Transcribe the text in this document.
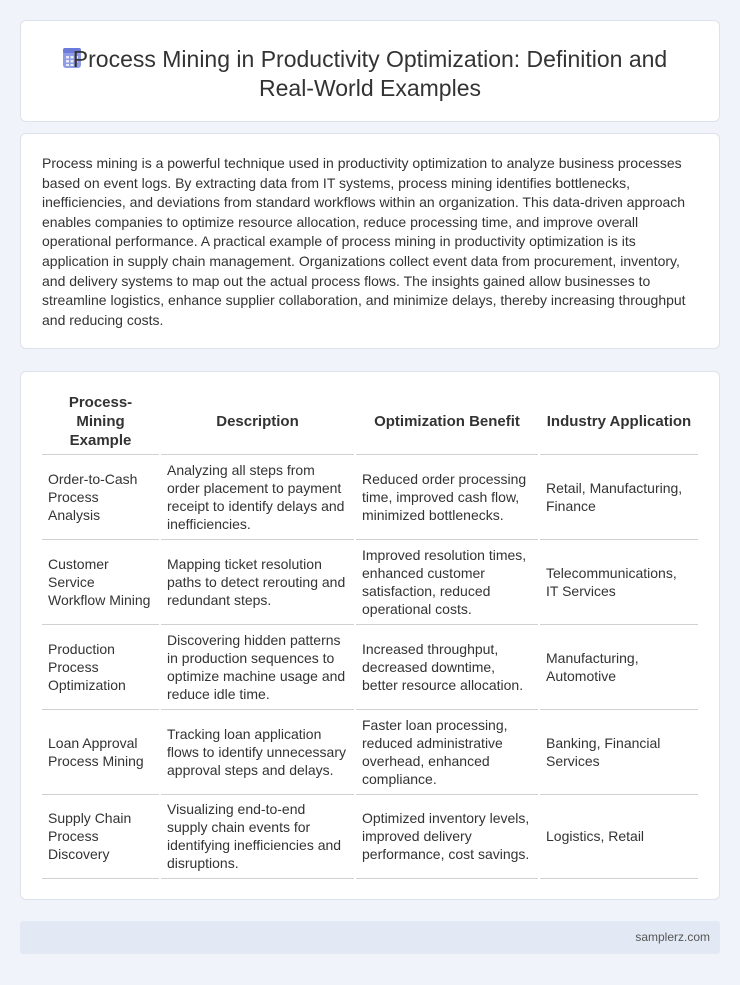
Process Mining in Productivity Optimization: Definition and Real-World Examples

Process mining is a powerful technique used in productivity optimization to analyze business processes based on event logs. By extracting data from IT systems, process mining identifies bottlenecks, inefficiencies, and deviations from standard workflows within an organization. This data-driven approach enables companies to optimize resource allocation, reduce processing time, and improve overall operational performance. A practical example of process mining in productivity optimization is its application in supply chain management. Organizations collect event data from procurement, inventory, and delivery systems to map out the actual process flows. The insights gained allow businesses to streamline logistics, enhance supplier collaboration, and minimize delays, thereby increasing throughput and reducing costs.

Process-Mining Example	Description	Optimization Benefit	Industry Application
Order-to-Cash Process Analysis	Analyzing all steps from order placement to payment receipt to identify delays and inefficiencies.	Reduced order processing time, improved cash flow, minimized bottlenecks.	Retail, Manufacturing, Finance
Customer Service Workflow Mining	Mapping ticket resolution paths to detect rerouting and redundant steps.	Improved resolution times, enhanced customer satisfaction, reduced operational costs.	Telecommunications, IT Services
Production Process Optimization	Discovering hidden patterns in production sequences to optimize machine usage and reduce idle time.	Increased throughput, decreased downtime, better resource allocation.	Manufacturing, Automotive
Loan Approval Process Mining	Tracking loan application flows to identify unnecessary approval steps and delays.	Faster loan processing, reduced administrative overhead, enhanced compliance.	Banking, Financial Services
Supply Chain Process Discovery	Visualizing end-to-end supply chain events for identifying inefficiencies and disruptions.	Optimized inventory levels, improved delivery performance, cost savings.	Logistics, Retail
samplerz.com
